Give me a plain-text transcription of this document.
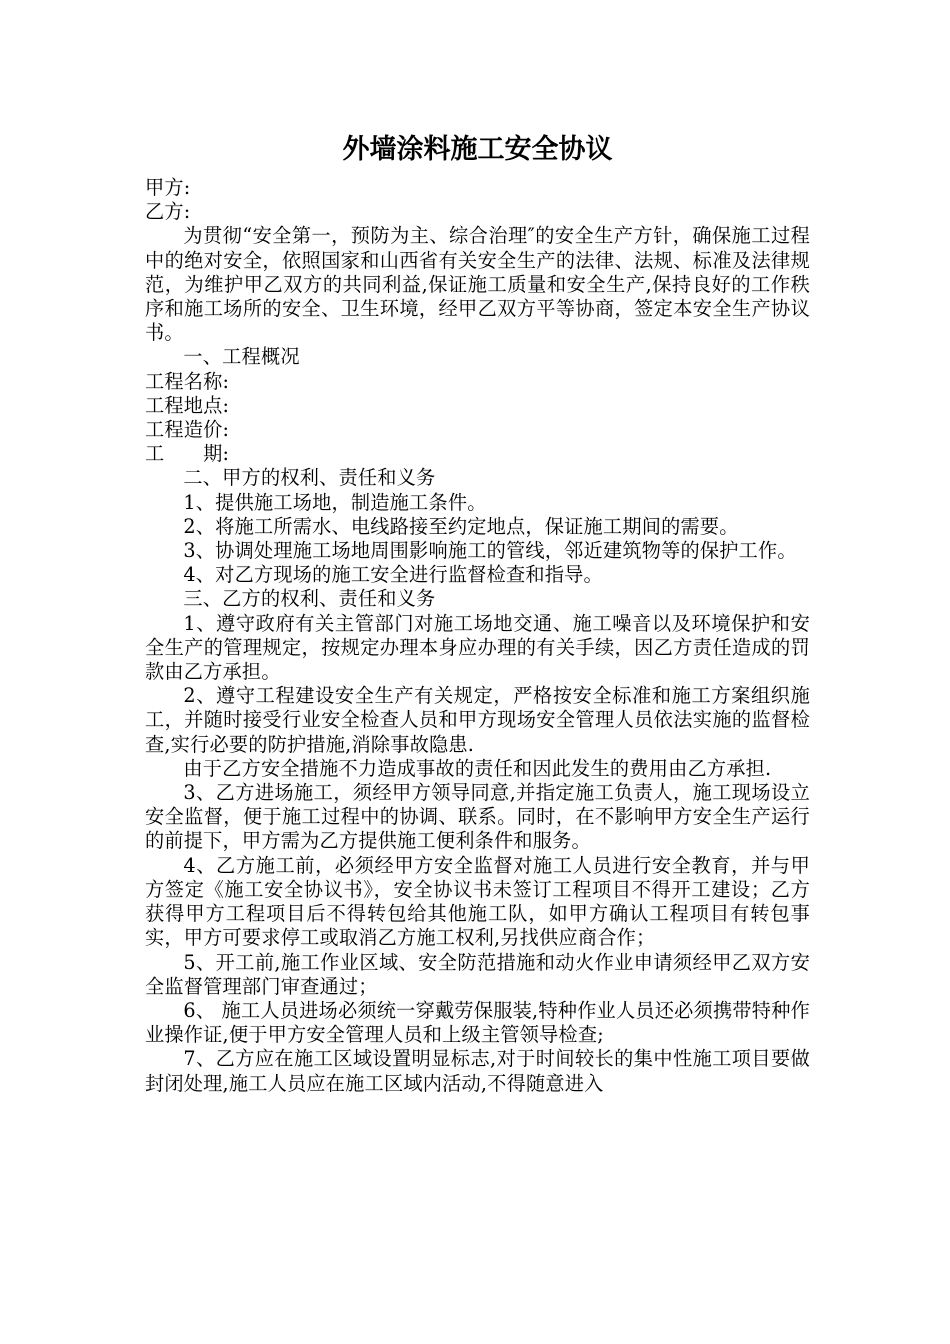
外墙涂料施工安全协议

甲方:

乙方:

为贯彻“安全第一，预防为主、综合治理″的安全生产方针，确保施工过程中的绝对安全，依照国家和山西省有关安全生产的法律、法规、标准及法律规范，为维护甲乙双方的共同利益,保证施工质量和安全生产,保持良好的工作秩序和施工场所的安全、卫生环境，经甲乙双方平等协商，签定本安全生产协议书。

一、工程概况

工程名称:

工程地点:

工程造价:

工　　期:

二、甲方的权利、责任和义务

1、提供施工场地，制造施工条件。

2、将施工所需水、电线路接至约定地点，保证施工期间的需要。

3、协调处理施工场地周围影响施工的管线，邻近建筑物等的保护工作。

4、对乙方现场的施工安全进行监督检查和指导。

三、乙方的权利、责任和义务

1、遵守政府有关主管部门对施工场地交通、施工噪音以及环境保护和安全生产的管理规定，按规定办理本身应办理的有关手续，因乙方责任造成的罚款由乙方承担。

2、遵守工程建设安全生产有关规定，严格按安全标准和施工方案组织施工，并随时接受行业安全检查人员和甲方现场安全管理人员依法实施的监督检查,实行必要的防护措施,消除事故隐患.

由于乙方安全措施不力造成事故的责任和因此发生的费用由乙方承担.

3、乙方进场施工，须经甲方领导同意,并指定施工负责人，施工现场设立安全监督，便于施工过程中的协调、联系。同时，在不影响甲方安全生产运行的前提下，甲方需为乙方提供施工便利条件和服务。

4、乙方施工前，必须经甲方安全监督对施工人员进行安全教育，并与甲方签定《施工安全协议书》，安全协议书未签订工程项目不得开工建设；乙方获得甲方工程项目后不得转包给其他施工队，如甲方确认工程项目有转包事实，甲方可要求停工或取消乙方施工权利,另找供应商合作；

5、开工前,施工作业区域、安全防范措施和动火作业申请须经甲乙双方安全监督管理部门审查通过；

6、 施工人员进场必须统一穿戴劳保服装,特种作业人员还必须携带特种作业操作证,便于甲方安全管理人员和上级主管领导检查;

7、乙方应在施工区域设置明显标志,对于时间较长的集中性施工项目要做封闭处理,施工人员应在施工区域内活动,不得随意进入
